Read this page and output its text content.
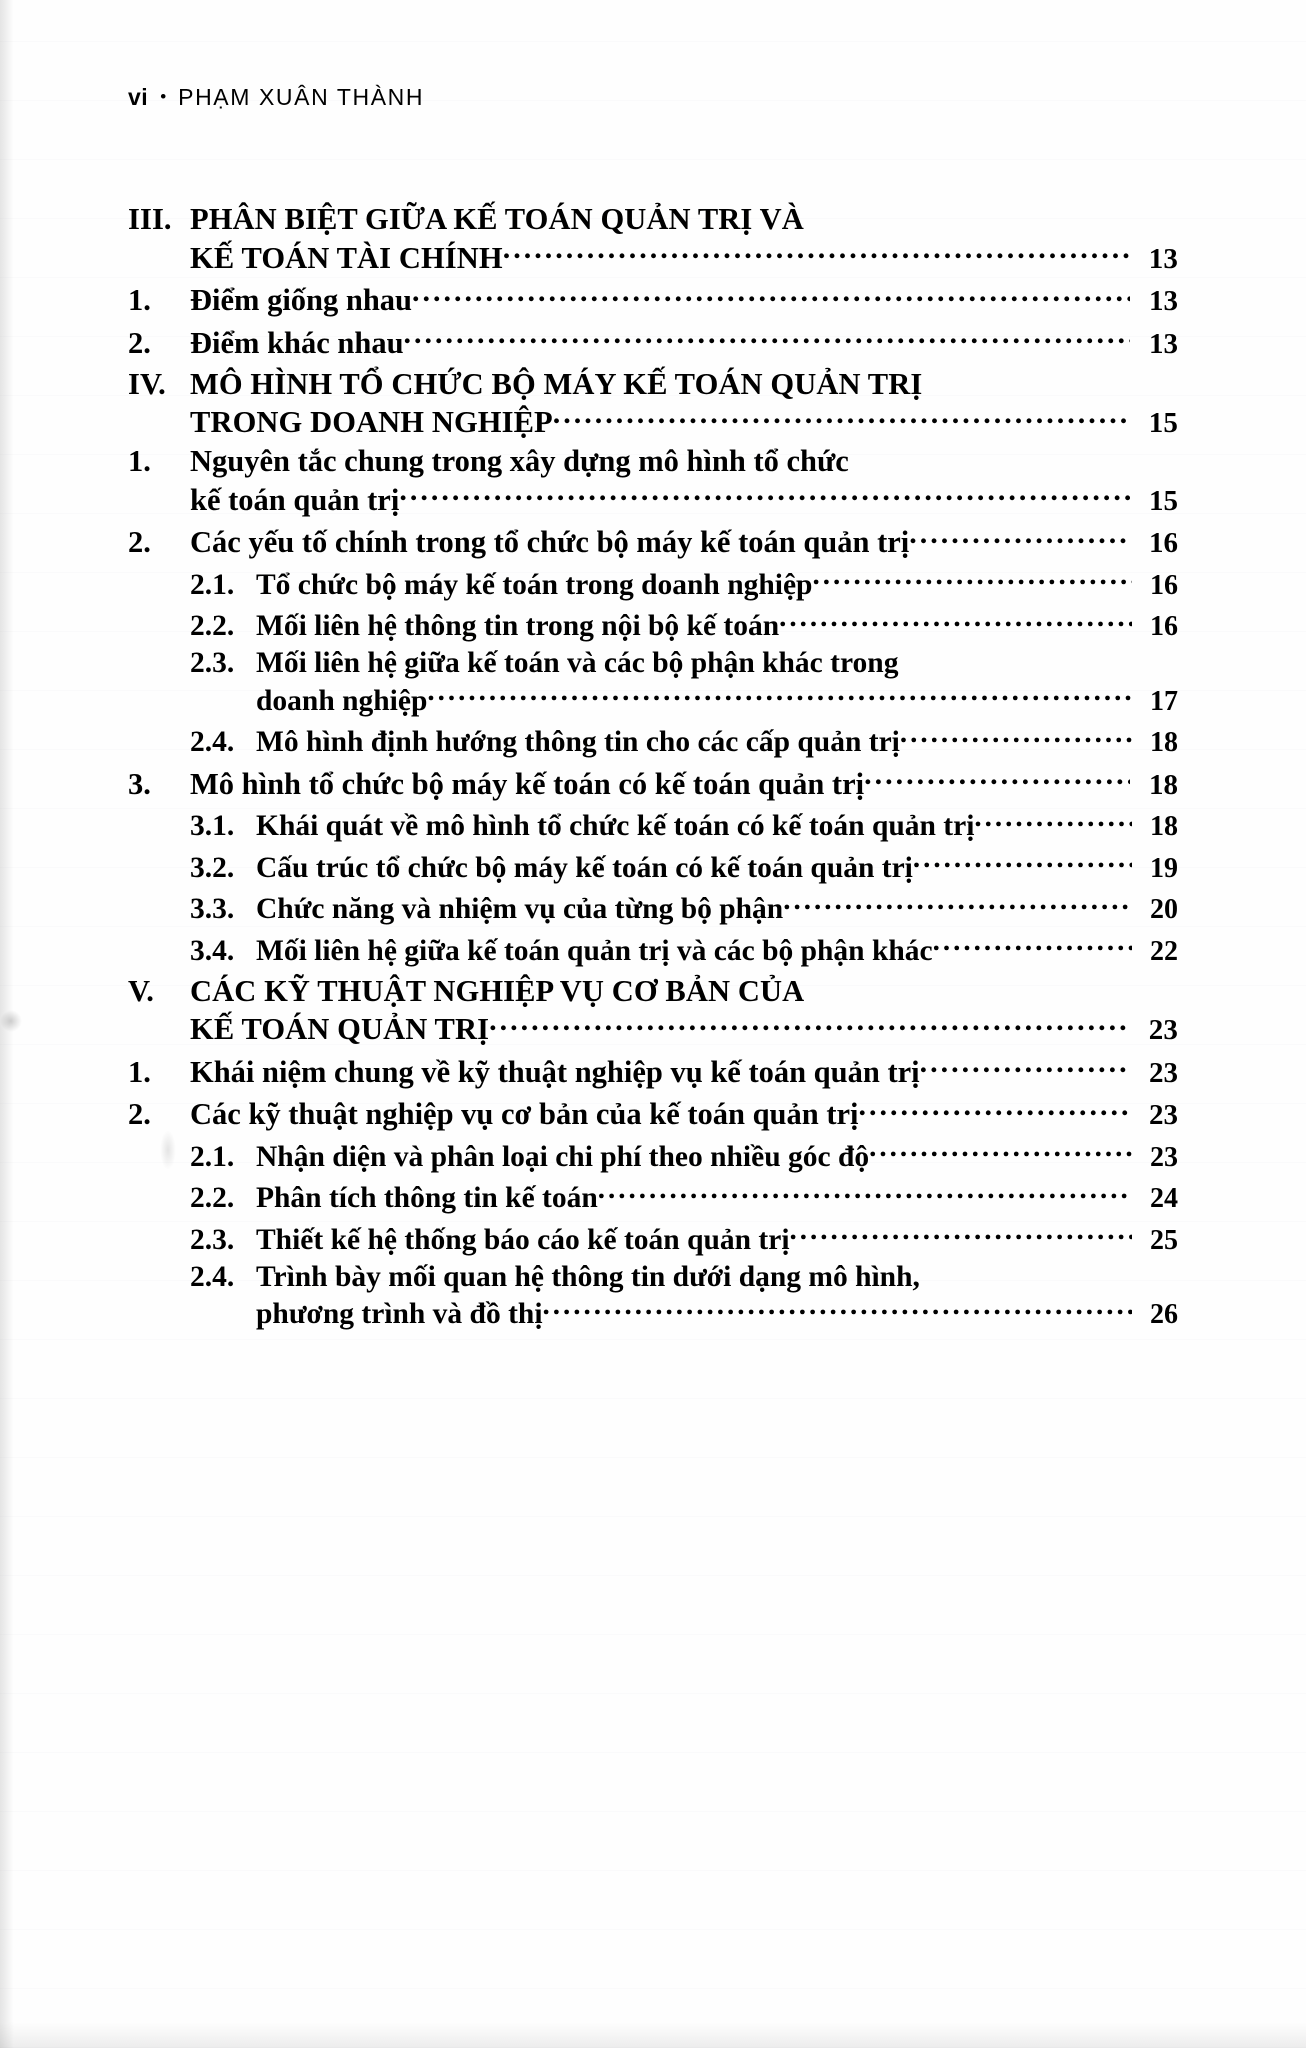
vi • PHẠM XUÂN THÀNH
III. PHÂN BIỆT GIỮA KẾ TOÁN QUẢN TRỊ VÀ
KẾ TOÁN TÀI CHÍNH .....	13
1.	Điểm giống nhau .....	13
2.	Điểm khác nhau .....	13
IV. MÔ HÌNH TỔ CHỨC BỘ MÁY KẾ TOÁN QUẢN TRỊ
TRONG DOANH NGHIỆP .....	15
1.	Nguyên tắc chung trong xây dựng mô hình tổ chức
kế toán quản trị .....	15
2.	Các yếu tố chính trong tổ chức bộ máy kế toán quản trị .....	16
2.1. Tổ chức bộ máy kế toán trong doanh nghiệp .....	16
2.2. Mối liên hệ thông tin trong nội bộ kế toán .....	16
2.3. Mối liên hệ giữa kế toán và các bộ phận khác trong
doanh nghiệp .....	17
2.4. Mô hình định hướng thông tin cho các cấp quản trị .....	18
3.	Mô hình tổ chức bộ máy kế toán có kế toán quản trị .....	18
3.1. Khái quát về mô hình tổ chức kế toán có kế toán quản trị .....	18
3.2. Cấu trúc tổ chức bộ máy kế toán có kế toán quản trị .....	19
3.3. Chức năng và nhiệm vụ của từng bộ phận .....	20
3.4. Mối liên hệ giữa kế toán quản trị và các bộ phận khác .....	22
V.	CÁC KỸ THUẬT NGHIỆP VỤ CƠ BẢN CỦA
KẾ TOÁN QUẢN TRỊ .....	23
1.	Khái niệm chung về kỹ thuật nghiệp vụ kế toán quản trị .....	23
2.	Các kỹ thuật nghiệp vụ cơ bản của kế toán quản trị .....	23
2.1. Nhận diện và phân loại chi phí theo nhiều góc độ .....	23
2.2. Phân tích thông tin kế toán .....	24
2.3. Thiết kế hệ thống báo cáo kế toán quản trị .....	25
2.4. Trình bày mối quan hệ thông tin dưới dạng mô hình,
phương trình và đồ thị .....	26
